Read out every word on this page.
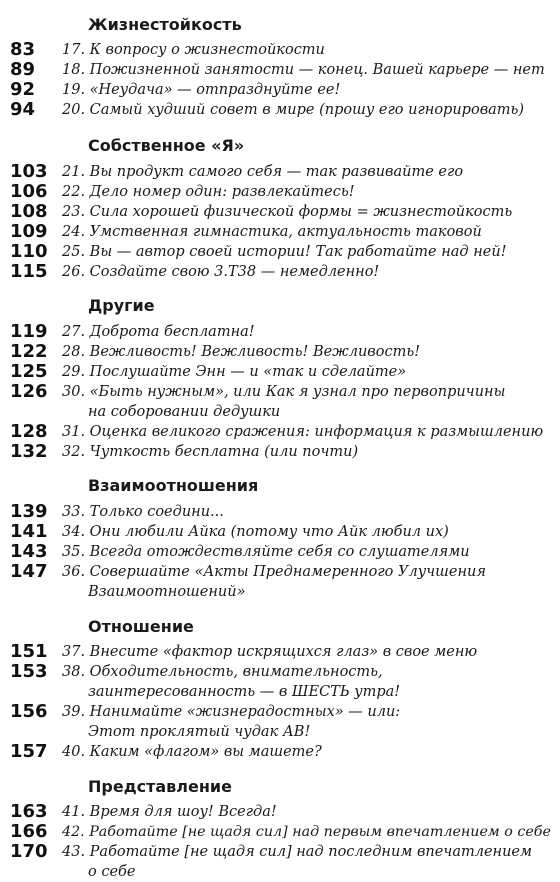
Жизнестойкость
83 17. К вопросу о жизнестойкости
89 18. Пожизненной занятости — конец. Вашей карьере — нет
92 19. «Неудача» — отпразднуйте ее!
94 20. Самый худший совет в мире (прошу его игнорировать)
Собственное «Я»
103 21. Вы продукт самого себя — так развивайте его
106 22. Дело номер один: развлекайтесь!
108 23. Сила хорошей физической формы = жизнестойкость
109 24. Умственная гимнастика, актуальность таковой
110 25. Вы — автор своей истории! Так работайте над ней!
115 26. Создайте свою 3.Т38 — немедленно!
Другие
119 27. Доброта бесплатна!
122 28. Вежливость! Вежливость! Вежливость!
125 29. Послушайте Энн — и «так и сделайте»
126 30. «Быть нужным», или Как я узнал про первопричины
на соборовании дедушки
128 31. Оценка великого сражения: информация к размышлению
132 32. Чуткость бесплатна (или почти)
Взаимоотношения
139 33. Только соедини...
141 34. Они любили Айка (потому что Айк любил их)
143 35. Всегда отождествляйте себя со слушателями
147 36. Совершайте «Акты Преднамеренного Улучшения
Взаимоотношений»
Отношение
151 37. Внесите «фактор искрящихся глаз» в свое меню
153 38. Обходительность, внимательность,
заинтересованность — в ШЕСТЬ утра!
156 39. Нанимайте «жизнерадостных» — или:
Этот проклятый чудак АВ!
157 40. Каким «флагом» вы машете?
Представление
163 41. Время для шоу! Всегда!
166 42. Работайте [не щадя сил] над первым впечатлением о себе
170 43. Работайте [не щадя сил] над последним впечатлением
о себе
